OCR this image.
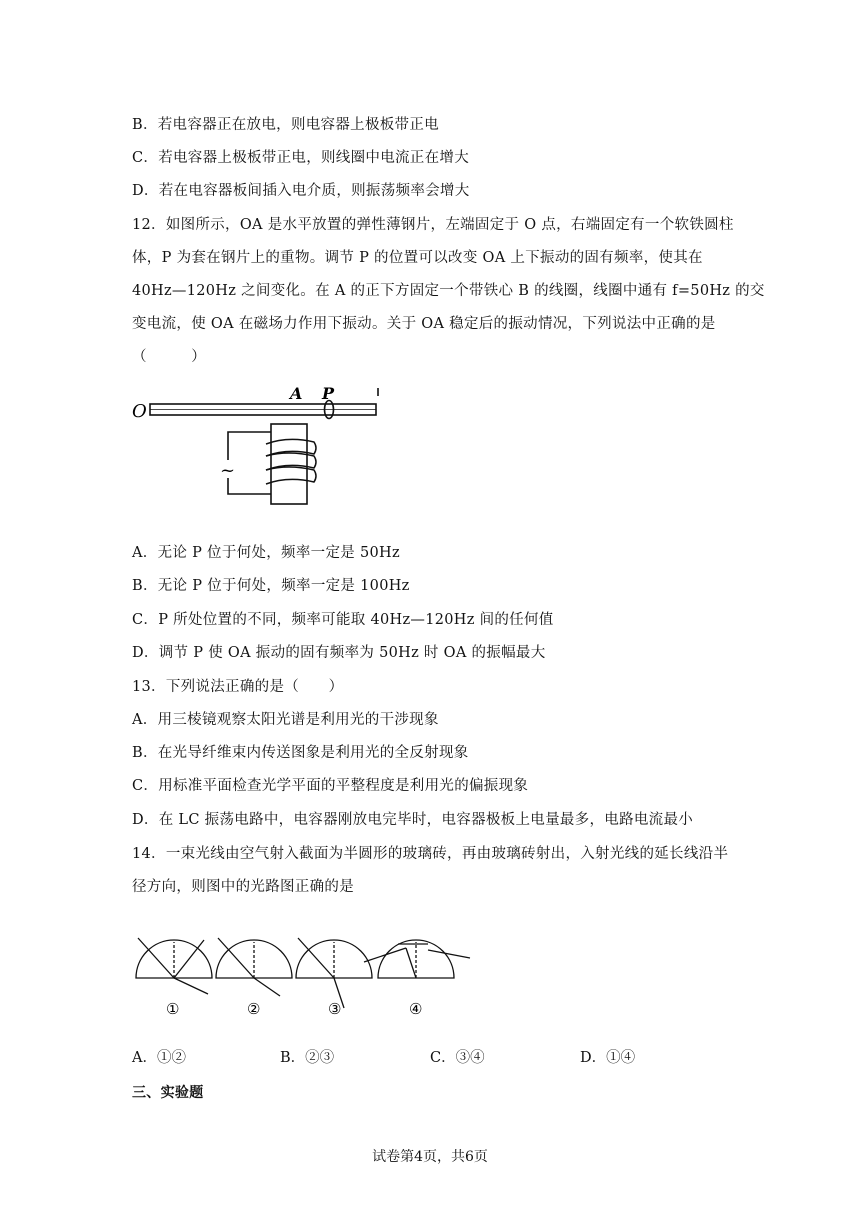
B．若电容器正在放电，则电容器上极板带正电
C．若电容器上极板带正电，则线圈中电流正在增大
D．若在电容器板间插入电介质，则振荡频率会增大
12．如图所示，OA 是水平放置的弹性薄钢片，左端固定于 O 点，右端固定有一个软铁圆柱
体，P 为套在钢片上的重物。调节 P 的位置可以改变 OA 上下振动的固有频率，使其在
40Hz—120Hz 之间变化。在 A 的正下方固定一个带铁心 B 的线圈，线圈中通有 f=50Hz 的交
变电流，使 OA 在磁场力作用下振动。关于 OA 稳定后的振动情况，下列说法中正确的是
（　　　）
O
A P
~
A．无论 P 位于何处，频率一定是 50Hz
B．无论 P 位于何处，频率一定是 100Hz
C．P 所处位置的不同，频率可能取 40Hz—120Hz 间的任何值
D．调节 P 使 OA 振动的固有频率为 50Hz 时 OA 的振幅最大
13．下列说法正确的是（　　）
A．用三棱镜观察太阳光谱是利用光的干涉现象
B．在光导纤维束内传送图象是利用光的全反射现象
C．用标准平面检查光学平面的平整程度是利用光的偏振现象
D．在 LC 振荡电路中，电容器刚放电完毕时，电容器极板上电量最多，电路电流最小
14．一束光线由空气射入截面为半圆形的玻璃砖，再由玻璃砖射出，入射光线的延长线沿半
径方向，则图中的光路图正确的是
①	②	③	④
A．①②	B．②③	C．③④	D．①④
三、实验题
试卷第4页，共6页
